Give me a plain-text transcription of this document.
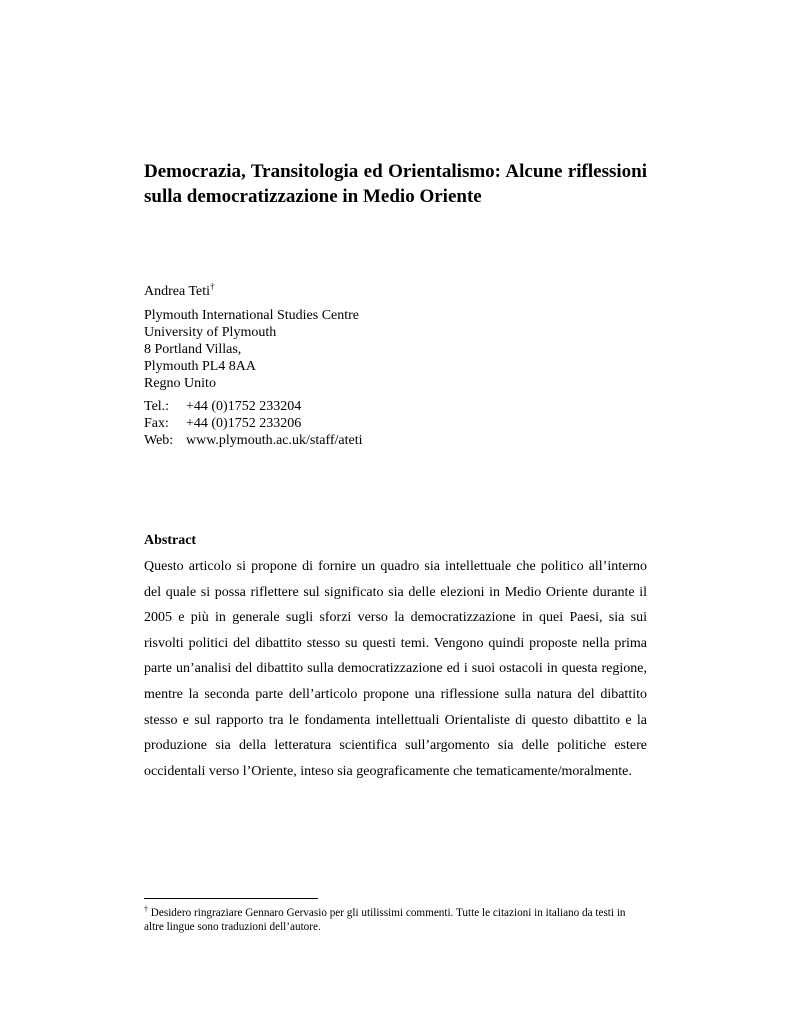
Democrazia, Transitologia ed Orientalismo: Alcune riflessioni sulla democratizzazione in Medio Oriente

Andrea Teti†

Plymouth International Studies Centre
University of Plymouth
8 Portland Villas,
Plymouth PL4 8AA
Regno Unito
Tel.:	+44 (0)1752 233204
Fax:	+44 (0)1752 233206
Web: www.plymouth.ac.uk/staff/ateti
Abstract

Questo articolo si propone di fornire un quadro sia intellettuale che politico all’interno del quale si possa riflettere sul significato sia delle elezioni in Medio Oriente durante il 2005 e più in generale sugli sforzi verso la democratizzazione in quei Paesi, sia sui risvolti politici del dibattito stesso su questi temi. Vengono quindi proposte nella prima parte un’analisi del dibattito sulla democratizzazione ed i suoi ostacoli in questa regione, mentre la seconda parte dell’articolo propone una riflessione sulla natura del dibattito stesso e sul rapporto tra le fondamenta intellettuali Orientaliste di questo dibattito e la produzione sia della letteratura scientifica sull’argomento sia delle politiche estere occidentali verso l’Oriente, inteso sia geograficamente che tematicamente/moralmente.

† Desidero ringraziare Gennaro Gervasio per gli utilissimi commenti. Tutte le citazioni in italiano da testi in altre lingue sono traduzioni dell’autore.
